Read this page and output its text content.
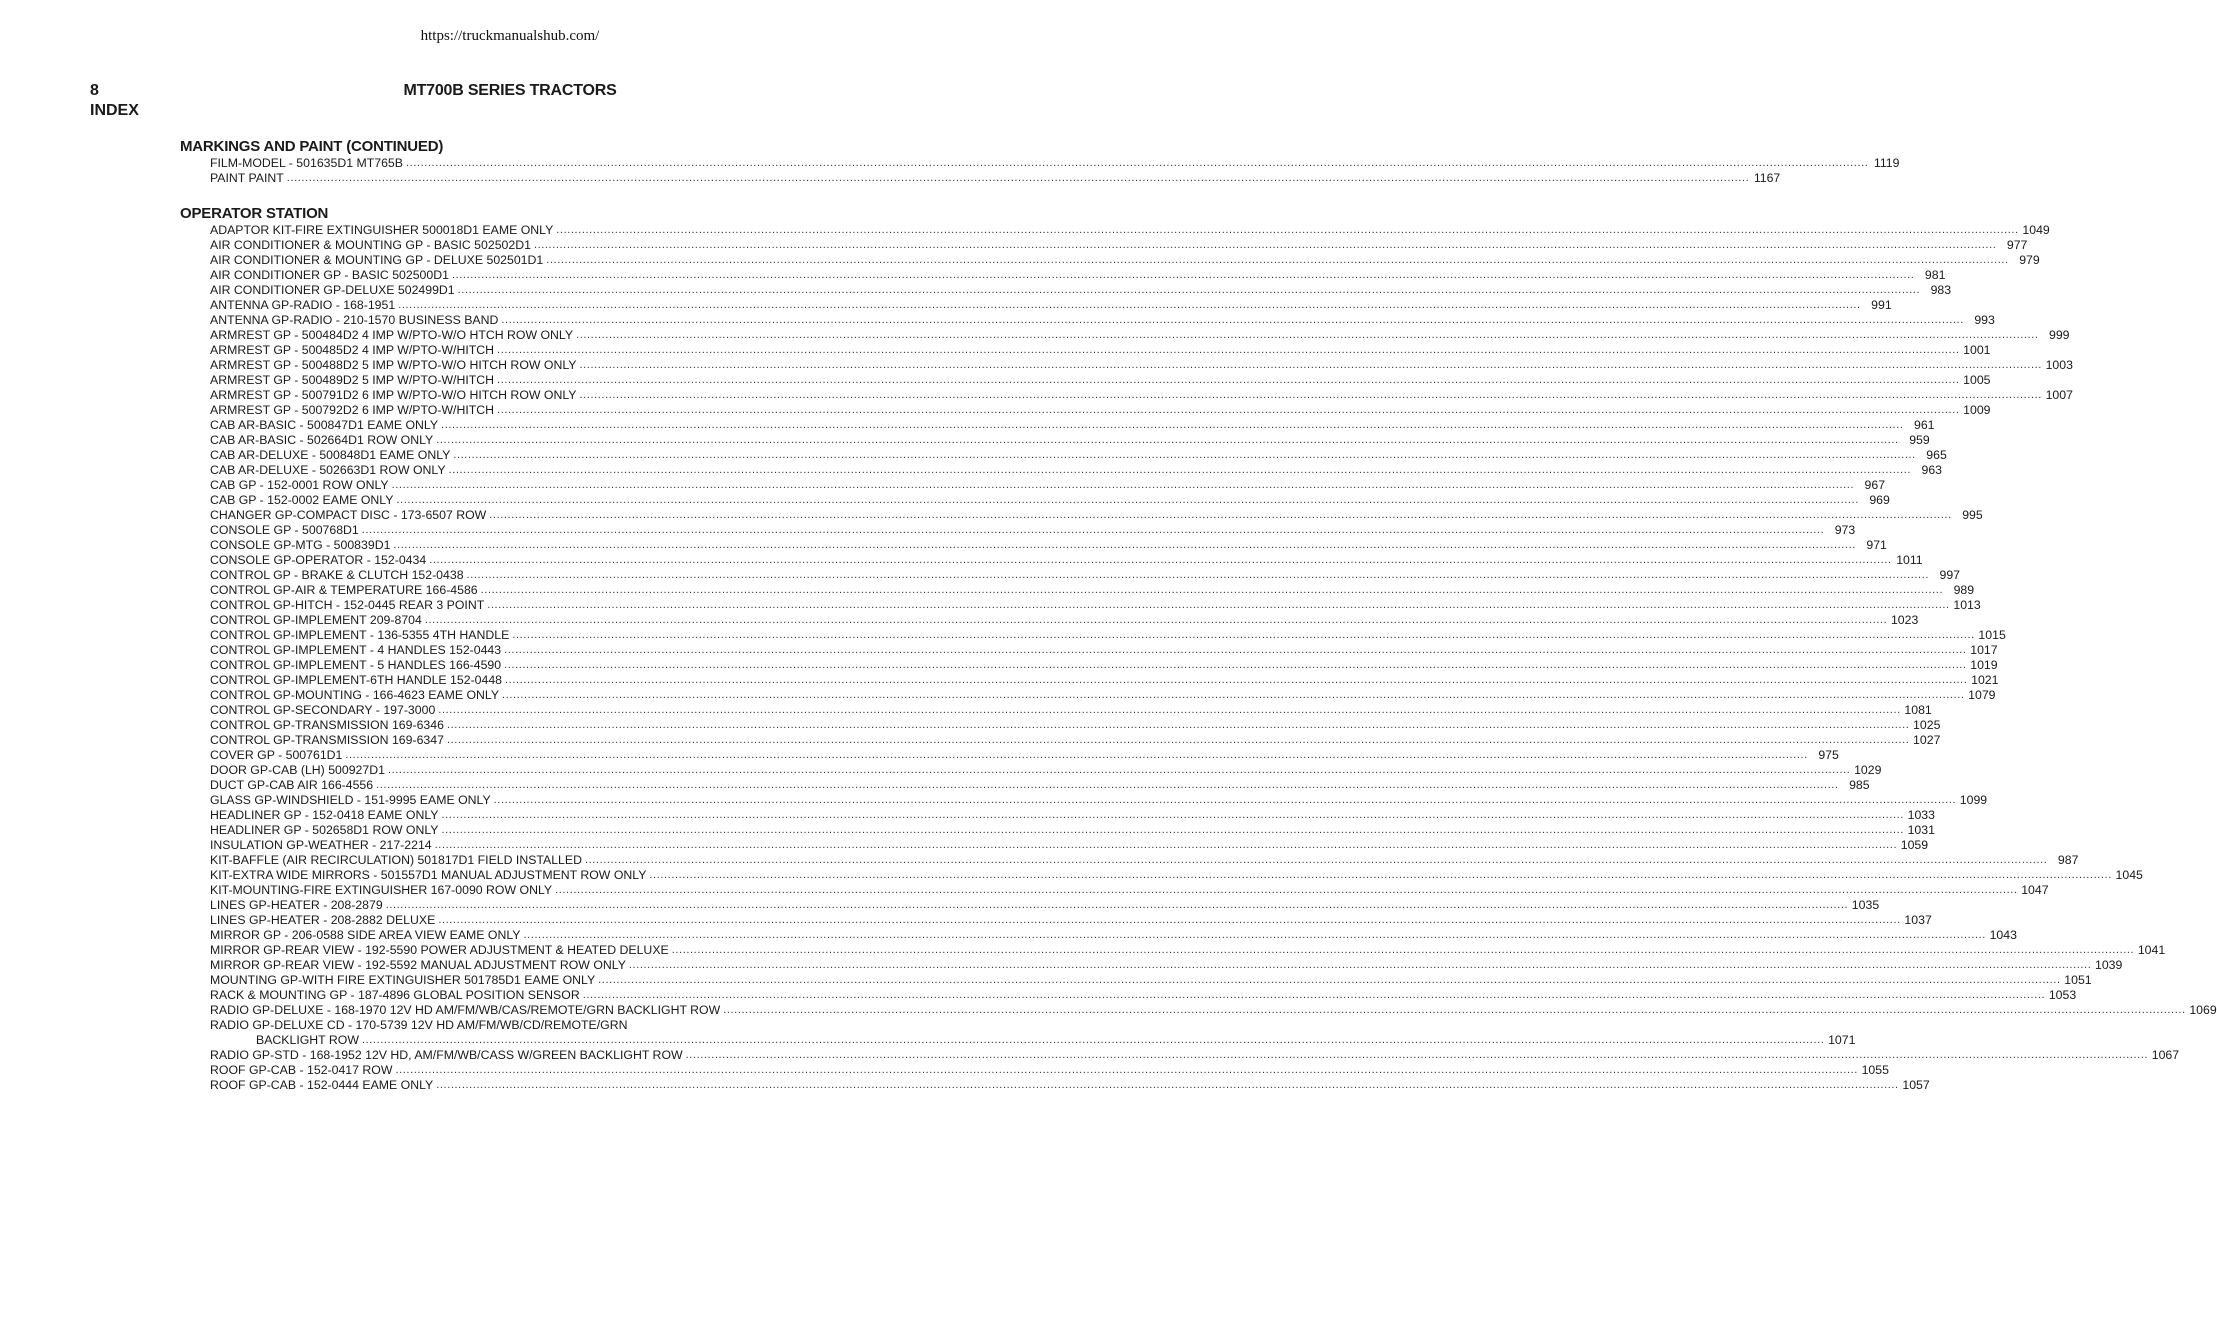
https://truckmanualshub.com/
8
INDEX
MT700B SERIES TRACTORS
MARKINGS AND PAINT (CONTINUED)
FILM-MODEL - 501635D1 MT765B ................................................................................................................................................................................................................................................................................................................................................................................................................ 1119
PAINT PAINT ................................................................................................................................................................................................................................................................................................................................................................................................................ 1167
OPERATOR STATION
ADAPTOR KIT-FIRE EXTINGUISHER 500018D1 EAME ONLY ................................................................................................................................................................................................................................................................................................................................................................................................................ 1049
AIR CONDITIONER & MOUNTING GP - BASIC 502502D1 ................................................................................................................................................................................................................................................................................................................................................................................................................ 977
AIR CONDITIONER & MOUNTING GP - DELUXE 502501D1 ................................................................................................................................................................................................................................................................................................................................................................................................................ 979
AIR CONDITIONER GP - BASIC 502500D1 ................................................................................................................................................................................................................................................................................................................................................................................................................ 981
AIR CONDITIONER GP-DELUXE 502499D1 ................................................................................................................................................................................................................................................................................................................................................................................................................ 983
ANTENNA GP-RADIO - 168-1951 ................................................................................................................................................................................................................................................................................................................................................................................................................ 991
ANTENNA GP-RADIO - 210-1570 BUSINESS BAND ................................................................................................................................................................................................................................................................................................................................................................................................................ 993
ARMREST GP - 500484D2 4 IMP W/PTO-W/O HTCH ROW ONLY ................................................................................................................................................................................................................................................................................................................................................................................................................ 999
ARMREST GP - 500485D2 4 IMP W/PTO-W/HITCH ................................................................................................................................................................................................................................................................................................................................................................................................................ 1001
ARMREST GP - 500488D2 5 IMP W/PTO-W/O HITCH ROW ONLY ................................................................................................................................................................................................................................................................................................................................................................................................................ 1003
ARMREST GP - 500489D2 5 IMP W/PTO-W/HITCH ................................................................................................................................................................................................................................................................................................................................................................................................................ 1005
ARMREST GP - 500791D2 6 IMP W/PTO-W/O HITCH ROW ONLY ................................................................................................................................................................................................................................................................................................................................................................................................................ 1007
ARMREST GP - 500792D2 6 IMP W/PTO-W/HITCH ................................................................................................................................................................................................................................................................................................................................................................................................................ 1009
CAB AR-BASIC - 500847D1 EAME ONLY ................................................................................................................................................................................................................................................................................................................................................................................................................ 961
CAB AR-BASIC - 502664D1 ROW ONLY ................................................................................................................................................................................................................................................................................................................................................................................................................ 959
CAB AR-DELUXE - 500848D1 EAME ONLY ................................................................................................................................................................................................................................................................................................................................................................................................................ 965
CAB AR-DELUXE - 502663D1 ROW ONLY ................................................................................................................................................................................................................................................................................................................................................................................................................ 963
CAB GP - 152-0001 ROW ONLY ................................................................................................................................................................................................................................................................................................................................................................................................................ 967
CAB GP - 152-0002 EAME ONLY ................................................................................................................................................................................................................................................................................................................................................................................................................ 969
CHANGER GP-COMPACT DISC - 173-6507 ROW ................................................................................................................................................................................................................................................................................................................................................................................................................ 995
CONSOLE GP - 500768D1 ................................................................................................................................................................................................................................................................................................................................................................................................................ 973
CONSOLE GP-MTG - 500839D1 ................................................................................................................................................................................................................................................................................................................................................................................................................ 971
CONSOLE GP-OPERATOR - 152-0434 ................................................................................................................................................................................................................................................................................................................................................................................................................ 1011
CONTROL GP - BRAKE & CLUTCH 152-0438 ................................................................................................................................................................................................................................................................................................................................................................................................................ 997
CONTROL GP-AIR & TEMPERATURE 166-4586 ................................................................................................................................................................................................................................................................................................................................................................................................................ 989
CONTROL GP-HITCH - 152-0445 REAR 3 POINT ................................................................................................................................................................................................................................................................................................................................................................................................................ 1013
CONTROL GP-IMPLEMENT 209-8704 ................................................................................................................................................................................................................................................................................................................................................................................................................ 1023
CONTROL GP-IMPLEMENT - 136-5355 4TH HANDLE ................................................................................................................................................................................................................................................................................................................................................................................................................ 1015
CONTROL GP-IMPLEMENT - 4 HANDLES 152-0443 ................................................................................................................................................................................................................................................................................................................................................................................................................ 1017
CONTROL GP-IMPLEMENT - 5 HANDLES 166-4590 ................................................................................................................................................................................................................................................................................................................................................................................................................ 1019
CONTROL GP-IMPLEMENT-6TH HANDLE 152-0448 ................................................................................................................................................................................................................................................................................................................................................................................................................ 1021
CONTROL GP-MOUNTING - 166-4623 EAME ONLY ................................................................................................................................................................................................................................................................................................................................................................................................................ 1079
CONTROL GP-SECONDARY - 197-3000 ................................................................................................................................................................................................................................................................................................................................................................................................................ 1081
CONTROL GP-TRANSMISSION 169-6346 ................................................................................................................................................................................................................................................................................................................................................................................................................ 1025
CONTROL GP-TRANSMISSION 169-6347 ................................................................................................................................................................................................................................................................................................................................................................................................................ 1027
COVER GP - 500761D1 ................................................................................................................................................................................................................................................................................................................................................................................................................ 975
DOOR GP-CAB (LH) 500927D1 ................................................................................................................................................................................................................................................................................................................................................................................................................ 1029
DUCT GP-CAB AIR 166-4556 ................................................................................................................................................................................................................................................................................................................................................................................................................ 985
GLASS GP-WINDSHIELD - 151-9995 EAME ONLY ................................................................................................................................................................................................................................................................................................................................................................................................................ 1099
HEADLINER GP - 152-0418 EAME ONLY ................................................................................................................................................................................................................................................................................................................................................................................................................ 1033
HEADLINER GP - 502658D1 ROW ONLY ................................................................................................................................................................................................................................................................................................................................................................................................................ 1031
INSULATION GP-WEATHER - 217-2214 ................................................................................................................................................................................................................................................................................................................................................................................................................ 1059
KIT-BAFFLE (AIR RECIRCULATION) 501817D1 FIELD INSTALLED ................................................................................................................................................................................................................................................................................................................................................................................................................ 987
KIT-EXTRA WIDE MIRRORS - 501557D1 MANUAL ADJUSTMENT ROW ONLY ................................................................................................................................................................................................................................................................................................................................................................................................................ 1045
KIT-MOUNTING-FIRE EXTINGUISHER 167-0090 ROW ONLY ................................................................................................................................................................................................................................................................................................................................................................................................................ 1047
LINES GP-HEATER - 208-2879 ................................................................................................................................................................................................................................................................................................................................................................................................................ 1035
LINES GP-HEATER - 208-2882 DELUXE ................................................................................................................................................................................................................................................................................................................................................................................................................ 1037
MIRROR GP - 206-0588 SIDE AREA VIEW EAME ONLY ................................................................................................................................................................................................................................................................................................................................................................................................................ 1043
MIRROR GP-REAR VIEW - 192-5590 POWER ADJUSTMENT & HEATED DELUXE ................................................................................................................................................................................................................................................................................................................................................................................................................ 1041
MIRROR GP-REAR VIEW - 192-5592 MANUAL ADJUSTMENT ROW ONLY ................................................................................................................................................................................................................................................................................................................................................................................................................ 1039
MOUNTING GP-WITH FIRE EXTINGUISHER 501785D1 EAME ONLY ................................................................................................................................................................................................................................................................................................................................................................................................................ 1051
RACK & MOUNTING GP - 187-4896 GLOBAL POSITION SENSOR ................................................................................................................................................................................................................................................................................................................................................................................................................ 1053
RADIO GP-DELUXE - 168-1970 12V HD AM/FM/WB/CAS/REMOTE/GRN BACKLIGHT ROW ................................................................................................................................................................................................................................................................................................................................................................................................................ 1069
RADIO GP-DELUXE CD - 170-5739 12V HD AM/FM/WB/CD/REMOTE/GRN
BACKLIGHT ROW ................................................................................................................................................................................................................................................................................................................................................................................................................ 1071
RADIO GP-STD - 168-1952 12V HD, AM/FM/WB/CASS W/GREEN BACKLIGHT ROW ................................................................................................................................................................................................................................................................................................................................................................................................................ 1067
ROOF GP-CAB - 152-0417 ROW ................................................................................................................................................................................................................................................................................................................................................................................................................ 1055
ROOF GP-CAB - 152-0444 EAME ONLY ................................................................................................................................................................................................................................................................................................................................................................................................................ 1057
